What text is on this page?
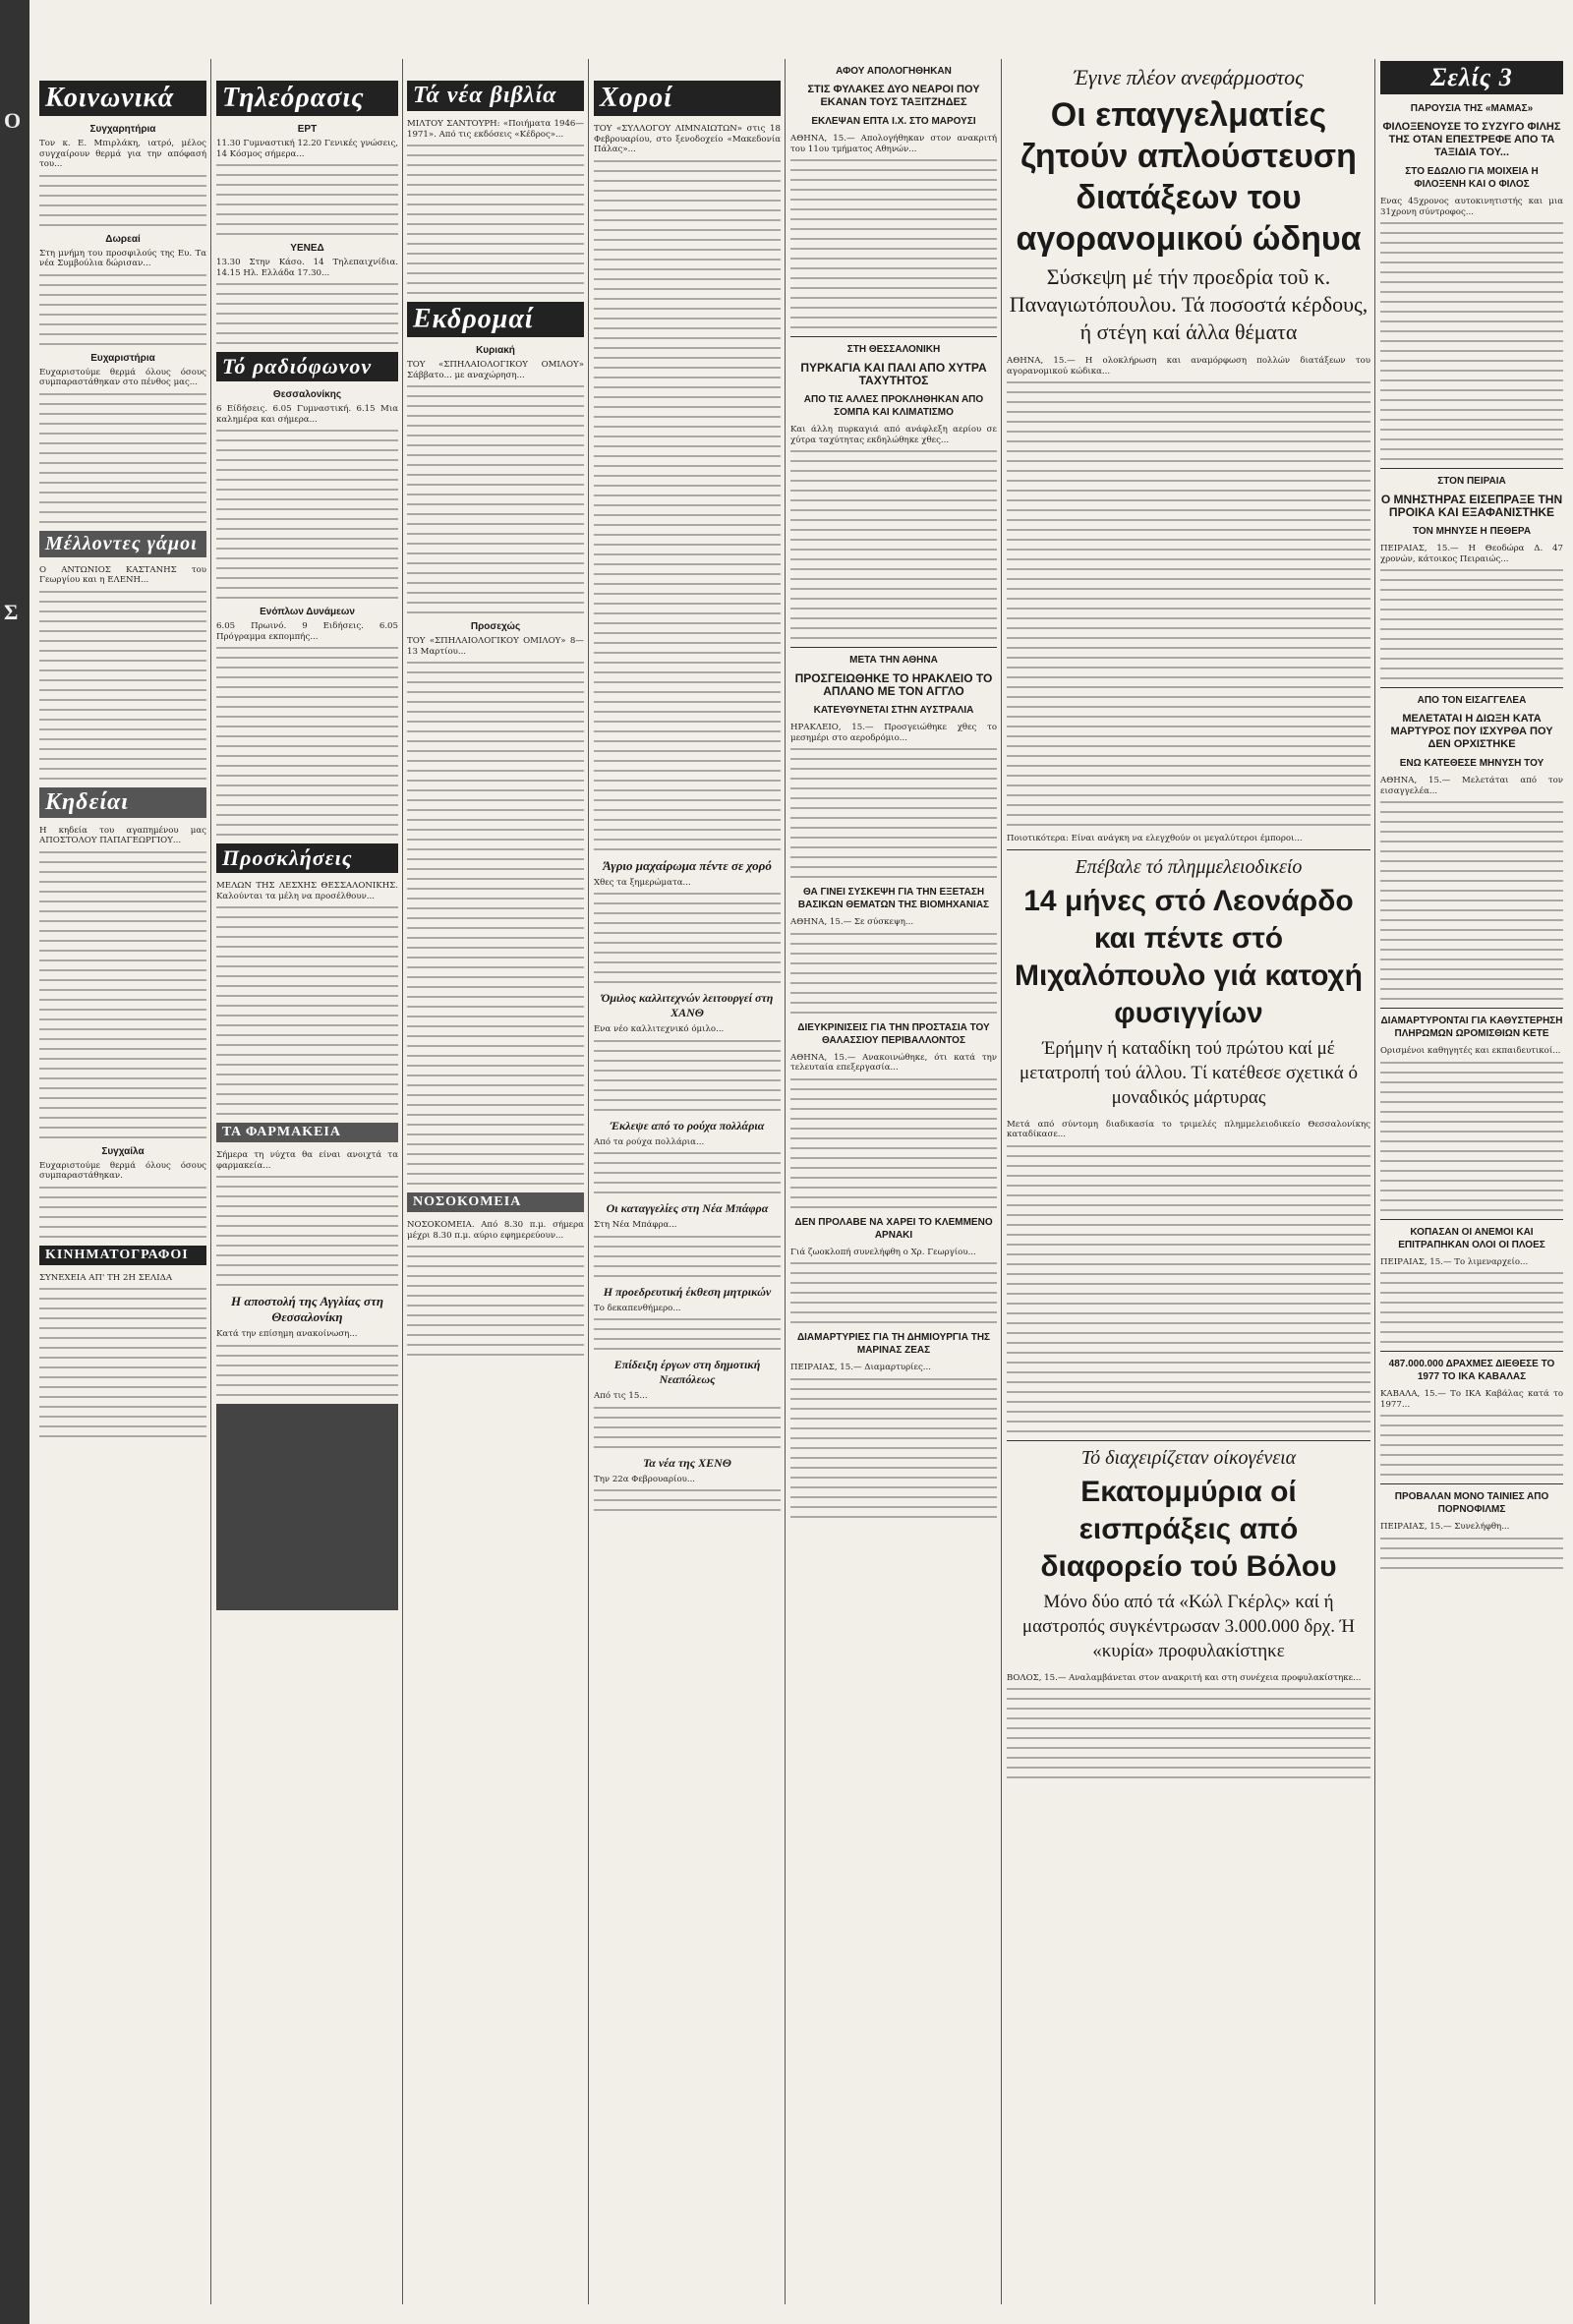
Ο
Σ
Κοινωνικά
Συγχαρητήρια

Τον κ. Ε. Μπιρλάκη, ιατρό, μέλος συγχαίρουν θερμά για την απόφασή του...

Δωρεαί

Στη μνήμη του προσφιλούς της Ευ. Τα νέα Συμβούλια δώρισαν...

Ευχαριστήρια

Ευχαριστούμε θερμά όλους όσους συμπαραστάθηκαν στο πένθος μας...

Μέλλοντες γάμοι

Ο ΑΝΤΩΝΙΟΣ ΚΑΣΤΑΝΗΣ του Γεωργίου και η ΕΛΕΝΗ...

Κηδείαι

Η κηδεία του αγαπημένου μας ΑΠΟΣΤΟΛΟΥ ΠΑΠΑΓΕΩΡΓΙΟΥ...

Συγχαίλα

Ευχαριστούμε θερμά όλους όσους συμπαραστάθηκαν.

ΚΙΝΗΜΑΤΟΓΡΑΦΟΙ

ΣΥΝΕΧΕΙΑ ΑΠ' ΤΗ 2Η ΣΕΛΙΔΑ

Τηλεόρασις
ΕΡΤ

11.30 Γυμναστική 12.20 Γενικές γνώσεις, 14 Κόσμος σήμερα...

ΥΕΝΕΔ

13.30 Στην Κάσο. 14 Τηλεπαιχνίδια. 14.15 Ηλ. Ελλάδα 17.30...

Τό ραδιόφωνον
Θεσσαλονίκης

6 Είδήσεις. 6.05 Γυμναστική. 6.15 Μια καλημέρα και σήμερα...

Ενόπλων Δυνάμεων

6.05 Πρωινό. 9 Ειδήσεις. 6.05 Πρόγραμμα εκπομπής...

Προσκλήσεις

ΜΕΛΩΝ ΤΗΣ ΛΕΣΧΗΣ ΘΕΣΣΑΛΟΝΙΚΗΣ. Καλούνται τα μέλη να προσέλθουν...

ΤΑ ΦΑΡΜΑΚΕΙΑ

Σήμερα τη νύχτα θα είναι ανοιχτά τα φαρμακεία...

Η αποστολή της Αγγλίας στη Θεσσαλονίκη

Κατά την επίσημη ανακοίνωση...

Τά νέα βιβλία

ΜΙΛΤΟΥ ΣΑΝΤΟΥΡΗ: «Ποιήματα 1946—1971». Από τις εκδόσεις «Κέδρος»...

Εκδρομαί
Κυριακή

ΤΟΥ «ΣΠΗΛΑΙΟΛΟΓΙΚΟΥ ΟΜΙΛΟΥ» Σάββατο... με αναχώρηση...

Προσεχώς

ΤΟΥ «ΣΠΗΛΑΙΟΛΟΓΙΚΟΥ ΟΜΙΛΟΥ» 8—13 Μαρτίου...

ΝΟΣΟΚΟΜΕΙΑ

ΝΟΣΟΚΟΜΕΙΑ. Από 8.30 π.μ. σήμερα μέχρι 8.30 π.μ. αύριο εφημερεύουν...

Χοροί

ΤΟΥ «ΣΥΛΛΟΓΟΥ ΛΙΜΝΑΙΩΤΩΝ» στις 18 Φεβρουαρίου, στο ξενοδοχείο «Μακεδονία Πάλας»...

Άγριο μαχαίρωμα πέντε σε χορό

Χθες τα ξημερώματα...

Όμιλος καλλιτεχνών λειτουργεί στη ΧΑΝΘ

Ενα νέο καλλιτεχνικό όμιλο...

Έκλεψε από το ρούχα πολλάρια

Από τα ρούχα πολλάρια...

Οι καταγγελίες στη Νέα Μπάφρα

Στη Νέα Μπάφρα...

Η προεδρευτική έκθεση μητρικών

Το δεκαπενθήμερο...

Επίδειξη έργων στη δημοτική Νεαπόλεως

Από τις 15...

Τα νέα της ΧΕΝΘ

Την 22α Φεβρουαρίου...

ΑΦΟΥ ΑΠΟΛΟΓΗΘΗΚΑΝ
ΣΤΙΣ ΦΥΛΑΚΕΣ ΔΥΟ ΝΕΑΡΟΙ ΠΟΥ ΕΚΑΝΑΝ ΤΟΥΣ ΤΑΞΙΤΖΗΔΕΣ
ΕΚΛΕΨΑΝ ΕΠΤΑ Ι.Χ. ΣΤΟ ΜΑΡΟΥΣΙ

ΑΘΗΝΑ, 15.— Απολογήθηκαν στον ανακριτή του 11ου τμήματος Αθηνών...

ΣΤΗ ΘΕΣΣΑΛΟΝΙΚΗ
ΠΥΡΚΑΓΙΑ ΚΑΙ ΠΑΛΙ ΑΠΟ ΧΥΤΡΑ ΤΑΧΥΤΗΤΟΣ
ΑΠΟ ΤΙΣ ΑΛΛΕΣ ΠΡΟΚΛΗΘΗΚΑΝ ΑΠΟ ΣΟΜΠΑ ΚΑΙ ΚΛΙΜΑΤΙΣΜΟ

Και άλλη πυρκαγιά από ανάφλεξη αερίου σε χύτρα ταχύτητας εκδηλώθηκε χθες...

ΜΕΤΑ ΤΗΝ ΑΘΗΝΑ
ΠΡΟΣΓΕΙΩΘΗΚΕ ΤΟ ΗΡΑΚΛΕΙΟ ΤΟ ΑΠΛΑΝΟ ΜΕ ΤΟΝ ΑΓΓΛΟ
ΚΑΤΕΥΘΥΝΕΤΑΙ ΣΤΗΝ ΑΥΣΤΡΑΛΙΑ

ΗΡΑΚΛΕΙΟ, 15.— Προσγειώθηκε χθες το μεσημέρι στο αεροδρόμιο...

ΘΑ ΓΙΝΕΙ ΣΥΣΚΕΨΗ ΓΙΑ ΤΗΝ ΕΞΕΤΑΣΗ ΒΑΣΙΚΩΝ ΘΕΜΑΤΩΝ ΤΗΣ ΒΙΟΜΗΧΑΝΙΑΣ

ΑΘΗΝΑ, 15.— Σε σύσκεψη...

ΔΙΕΥΚΡΙΝΙΣΕΙΣ ΓΙΑ ΤΗΝ ΠΡΟΣΤΑΣΙΑ ΤΟΥ ΘΑΛΑΣΣΙΟΥ ΠΕΡΙΒΑΛΛΟΝΤΟΣ

ΑΘΗΝΑ, 15.— Ανακοινώθηκε, ότι κατά την τελευταία επεξεργασία...

ΔΕΝ ΠΡΟΛΑΒΕ ΝΑ ΧΑΡΕΙ ΤΟ ΚΛΕΜΜΕΝΟ ΑΡΝΑΚΙ

Γιά ζωοκλοπή συνελήφθη ο Χρ. Γεωργίου...

ΔΙΑΜΑΡΤΥΡΙΕΣ ΓΙΑ ΤΗ ΔΗΜΙΟΥΡΓΙΑ ΤΗΣ ΜΑΡΙΝΑΣ ΖΕΑΣ

ΠΕΙΡΑΙΑΣ, 15.— Διαμαρτυρίες...

Έγινε πλέον ανεφάρμοστος
Οι επαγγελματίες ζητούν απλούστευση διατάξεων του αγορανομικού ώδηυα
Σύσκεψη μέ τήν προεδρία τοῦ κ. Παναγιωτόπουλου. Τά ποσοστά κέρδους, ή στέγη καί άλλα θέματα

ΑΘΗΝΑ, 15.— Η ολοκλήρωση και αναμόρφωση πολλών διατάξεων του αγορανομικού κώδικα...

Ποιοτικότερα: Είναι ανάγκη να ελεγχθούν οι μεγαλύτεροι έμποροι...

Επέβαλε τό πλημμελειοδικείο
14 μήνες στό Λεονάρδο και πέντε στό Μιχαλόπουλο γιά κατοχή φυσιγγίων
Έρήμην ή καταδίκη τού πρώτου καί μέ μετατροπή τού άλλου. Τί κατέθεσε σχετικά ό μοναδικός μάρτυρας

Μετά από σύντομη διαδικασία το τριμελές πλημμελειοδικείο Θεσσαλονίκης καταδίκασε...

Τό διαχειρίζεταν οίκογένεια
Εκατομμύρια οί εισπράξεις από διαφορείο τού Βόλου
Μόνο δύο από τά «Κώλ Γκέρλς» καί ή μαστροπός συγκέντρωσαν 3.000.000 δρχ. Ή «κυρία» προφυλακίστηκε

ΒΟΛΟΣ, 15.— Αναλαμβάνεται στον ανακριτή και στη συνέχεια προφυλακίστηκε...

Σελίς 3
ΠΑΡΟΥΣΙΑ ΤΗΣ «ΜΑΜΑΣ»
ΦΙΛΟΞΕΝΟΥΣΕ ΤΟ ΣΥΖΥΓΟ ΦΙΛΗΣ ΤΗΣ ΟΤΑΝ ΕΠΕΣΤΡΕΦΕ ΑΠΟ ΤΑ ΤΑΞΙΔΙΑ ΤΟΥ...
ΣΤΟ ΕΔΩΛΙΟ ΓΙΑ ΜΟΙΧΕΙΑ Η ΦΙΛΟΞΕΝΗ ΚΑΙ Ο ΦΙΛΟΣ

Ενας 45χρονος αυτοκινητιστής και μια 31χρονη σύντροφος...

ΣΤΟΝ ΠΕΙΡΑΙΑ
Ο ΜΝΗΣΤΗΡΑΣ ΕΙΣΕΠΡΑΞΕ ΤΗΝ ΠΡΟΙΚΑ ΚΑΙ ΕΞΑΦΑΝΙΣΤΗΚΕ
ΤΟΝ ΜΗΝΥΣΕ Η ΠΕΘΕΡΑ

ΠΕΙΡΑΙΑΣ, 15.— Η Θεοδώρα Δ. 47 χρονών, κάτοικος Πειραιώς...

ΑΠΟ ΤΟΝ ΕΙΣΑΓΓΕΛΕΑ
ΜΕΛΕΤΑΤΑΙ Η ΔΙΩΞΗ ΚΑΤΑ ΜΑΡΤΥΡΟΣ ΠΟΥ ΙΣΧΥΡΘΑ ΠΟΥ ΔΕΝ ΟΡΧΙΣΤΗΚΕ
ΕΝΩ ΚΑΤΕΘΕΣΕ ΜΗΝΥΣΗ ΤΟΥ

ΑΘΗΝΑ, 15.— Μελετάται από τον εισαγγελέα...

ΔΙΑΜΑΡΤΥΡΟΝΤΑΙ ΓΙΑ ΚΑΘΥΣΤΕΡΗΣΗ ΠΛΗΡΩΜΩΝ ΩΡΟΜΙΣΘΙΩΝ ΚΕΤΕ

Ορισμένοι καθηγητές και εκπαιδευτικοί...

ΚΟΠΑΣΑΝ ΟΙ ΑΝΕΜΟΙ ΚΑΙ ΕΠΙΤΡΑΠΗΚΑΝ ΟΛΟΙ ΟΙ ΠΛΟΕΣ

ΠΕΙΡΑΙΑΣ, 15.— Το λιμεναρχείο...

487.000.000 ΔΡΑΧΜΕΣ ΔΙΕΘΕΣΕ ΤΟ 1977 ΤΟ ΙΚΑ ΚΑΒΑΛΑΣ

ΚΑΒΑΛΑ, 15.— Το ΙΚΑ Καβάλας κατά το 1977...

ΠΡΟΒΑΛΑΝ ΜΟΝΟ ΤΑΙΝΙΕΣ ΑΠΟ ΠΟΡΝΟΦΙΛΜΣ

ΠΕΙΡΑΙΑΣ, 15.— Συνελήφθη...
